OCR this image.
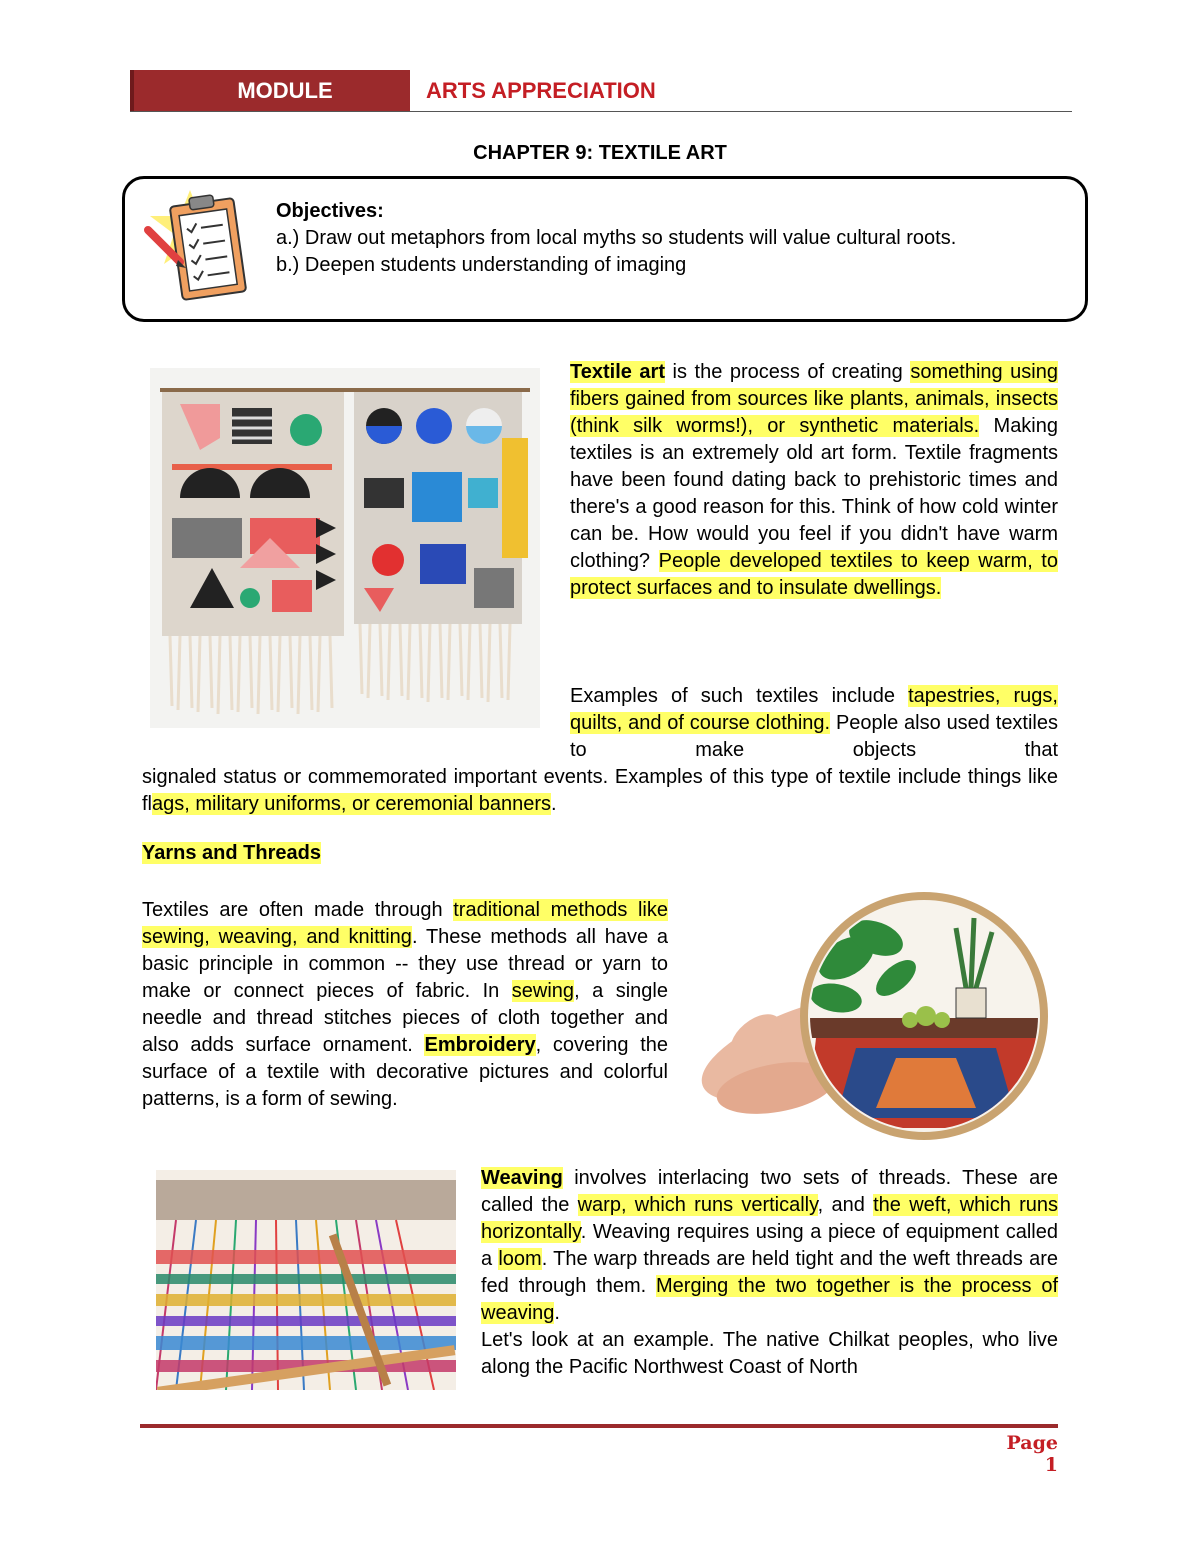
MODULE	ARTS APPRECIATION
CHAPTER 9: TEXTILE ART
Objectives:
a.) Draw out metaphors from local myths so students will value cultural roots.
b.) Deepen students understanding of imaging
Textile art is the process of creating something using fibers gained from sources like plants, animals, insects (think silk worms!), or synthetic materials. Making textiles is an extremely old art form. Textile fragments have been found dating back to prehistoric times and there's a good reason for this. Think of how cold winter can be. How would you feel if you didn't have warm clothing? People developed textiles to keep warm, to protect surfaces and to insulate dwellings.
Examples of such textiles include tapestries, rugs, quilts, and of course clothing. People also used textiles to make objects that
signaled status or commemorated important events. Examples of this type of textile include things like flags, military uniforms, or ceremonial banners.
Yarns and Threads
Textiles are often made through traditional methods like sewing, weaving, and knitting. These methods all have a basic principle in common -- they use thread or yarn to make or connect pieces of fabric. In sewing, a single needle and thread stitches pieces of cloth together and also adds surface ornament. Embroidery, covering the surface of a textile with decorative pictures and colorful patterns, is a form of sewing.
Weaving involves interlacing two sets of threads. These are called the warp, which runs vertically, and the weft, which runs horizontally. Weaving requires using a piece of equipment called a loom. The warp threads are held tight and the weft threads are fed through them. Merging the two together is the process of weaving.
Let's look at an example. The native Chilkat peoples, who live along the Pacific Northwest Coast of North
Page 1
